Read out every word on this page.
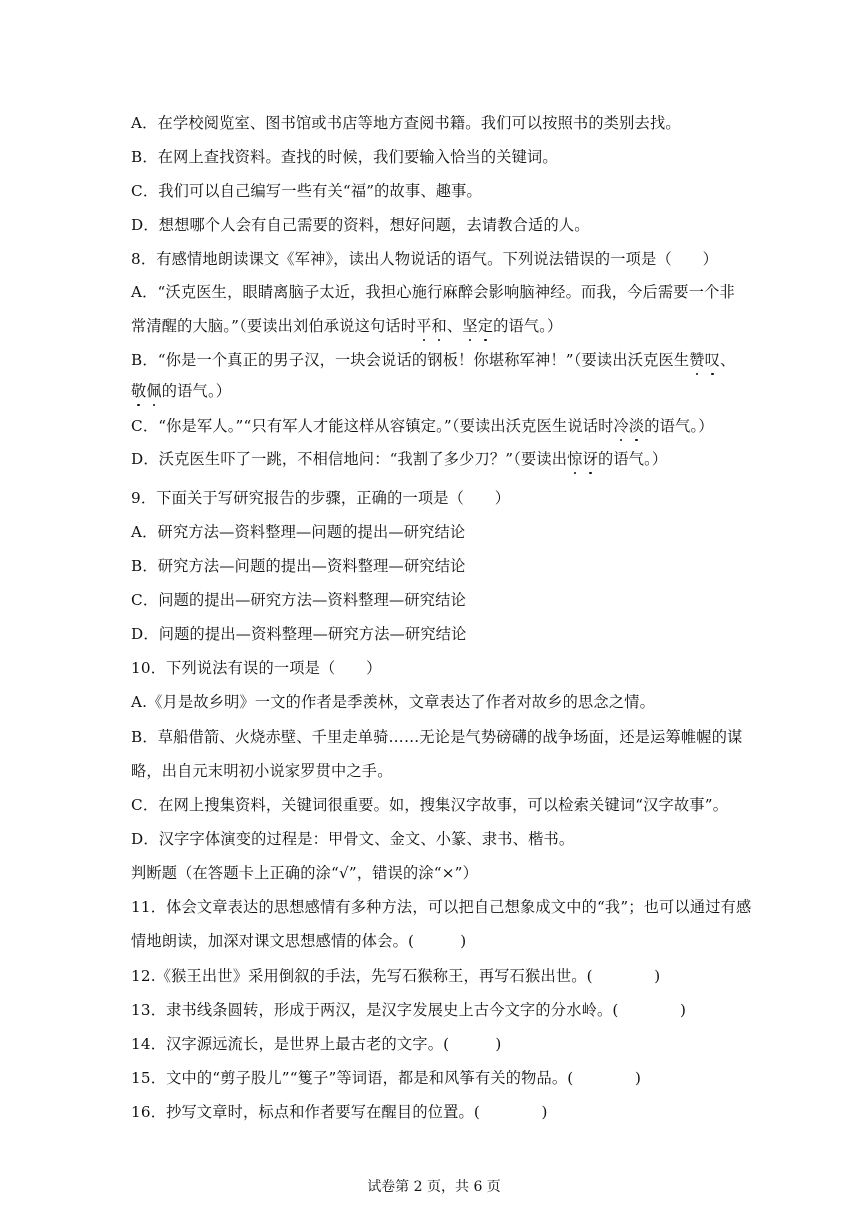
A．在学校阅览室、图书馆或书店等地方查阅书籍。我们可以按照书的类别去找。
B．在网上查找资料。查找的时候，我们要输入恰当的关键词。
C．我们可以自己编写一些有关“福”的故事、趣事。
D．想想哪个人会有自己需要的资料，想好问题，去请教合适的人。
8．有感情地朗读课文《军神》，读出人物说话的语气。下列说法错误的一项是（　　）
A．“沃克医生，眼睛离脑子太近，我担心施行麻醉会影响脑神经。而我，今后需要一个非
常清醒的大脑。”（要读出刘伯承说这句话时平和、坚定的语气。）
B．“你是一个真正的男子汉，一块会说话的钢板！你堪称军神！”（要读出沃克医生赞叹、
敬佩的语气。）
C．“你是军人。”“只有军人才能这样从容镇定。”（要读出沃克医生说话时冷淡的语气。）
D．沃克医生吓了一跳，不相信地问：“我割了多少刀？”（要读出惊讶的语气。）
9．下面关于写研究报告的步骤，正确的一项是（　　）
A．研究方法—资料整理—问题的提出—研究结论
B．研究方法—问题的提出—资料整理—研究结论
C．问题的提出—研究方法—资料整理—研究结论
D．问题的提出—资料整理—研究方法—研究结论
10．下列说法有误的一项是（　　）
A.《月是故乡明》一文的作者是季羡林，文章表达了作者对故乡的思念之情。
B．草船借箭、火烧赤壁、千里走单骑……无论是气势磅礴的战争场面，还是运筹帷幄的谋
略，出自元末明初小说家罗贯中之手。
C．在网上搜集资料，关键词很重要。如，搜集汉字故事，可以检索关键词“汉字故事”。
D．汉字字体演变的过程是：甲骨文、金文、小篆、隶书、楷书。
判断题（在答题卡上正确的涂“√”，错误的涂“×”）
11．体会文章表达的思想感情有多种方法，可以把自己想象成文中的“我”；也可以通过有感
情地朗读，加深对课文思想感情的体会。(　　　)
12.《猴王出世》采用倒叙的手法，先写石猴称王，再写石猴出世。(　　　　)
13．隶书线条圆转，形成于两汉，是汉字发展史上古今文字的分水岭。(　　　　)
14．汉字源远流长，是世界上最古老的文字。(　　　)
15．文中的“剪子股儿”“篗子”等词语，都是和风筝有关的物品。(　　　　)
16．抄写文章时，标点和作者要写在醒目的位置。(　　　　)
试卷第 2 页，共 6 页
